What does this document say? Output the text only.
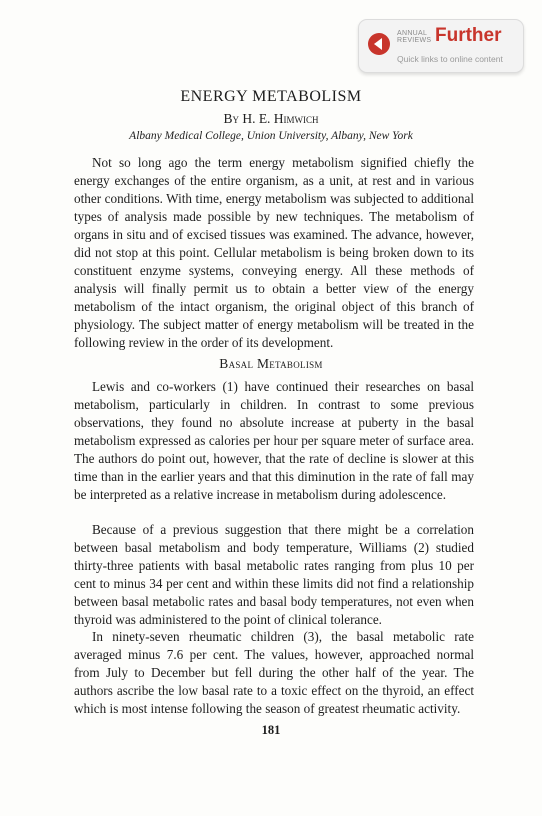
ANNUAL REVIEWS Further
Quick links to online content
ENERGY METABOLISM
By H. E. Himwich
Albany Medical College, Union University, Albany, New York

Not so long ago the term energy metabolism signified chiefly the energy exchanges of the entire organism, as a unit, at rest and in various other conditions. With time, energy metabolism was subjected to additional types of analysis made possible by new techniques. The metabolism of organs in situ and of excised tissues was examined. The advance, however, did not stop at this point. Cellular metabolism is being broken down to its constituent enzyme systems, conveying energy. All these methods of analysis will finally permit us to obtain a better view of the energy metabolism of the intact organism, the original object of this branch of physiology. The subject matter of energy metabolism will be treated in the following review in the order of its development.

Basal Metabolism

Lewis and co-workers (1) have continued their researches on basal metabolism, particularly in children. In contrast to some previous observations, they found no absolute increase at puberty in the basal metabolism expressed as calories per hour per square meter of surface area. The authors do point out, however, that the rate of decline is slower at this time than in the earlier years and that this diminution in the rate of fall may be interpreted as a relative increase in metabolism during adolescence.

Because of a previous suggestion that there might be a correlation between basal metabolism and body temperature, Williams (2) studied thirty-three patients with basal metabolic rates ranging from plus 10 per cent to minus 34 per cent and within these limits did not find a relationship between basal metabolic rates and basal body temperatures, not even when thyroid was administered to the point of clinical tolerance.

In ninety-seven rheumatic children (3), the basal metabolic rate averaged minus 7.6 per cent. The values, however, approached normal from July to December but fell during the other half of the year. The authors ascribe the low basal rate to a toxic effect on the thyroid, an effect which is most intense following the season of greatest rheumatic activity.

181
